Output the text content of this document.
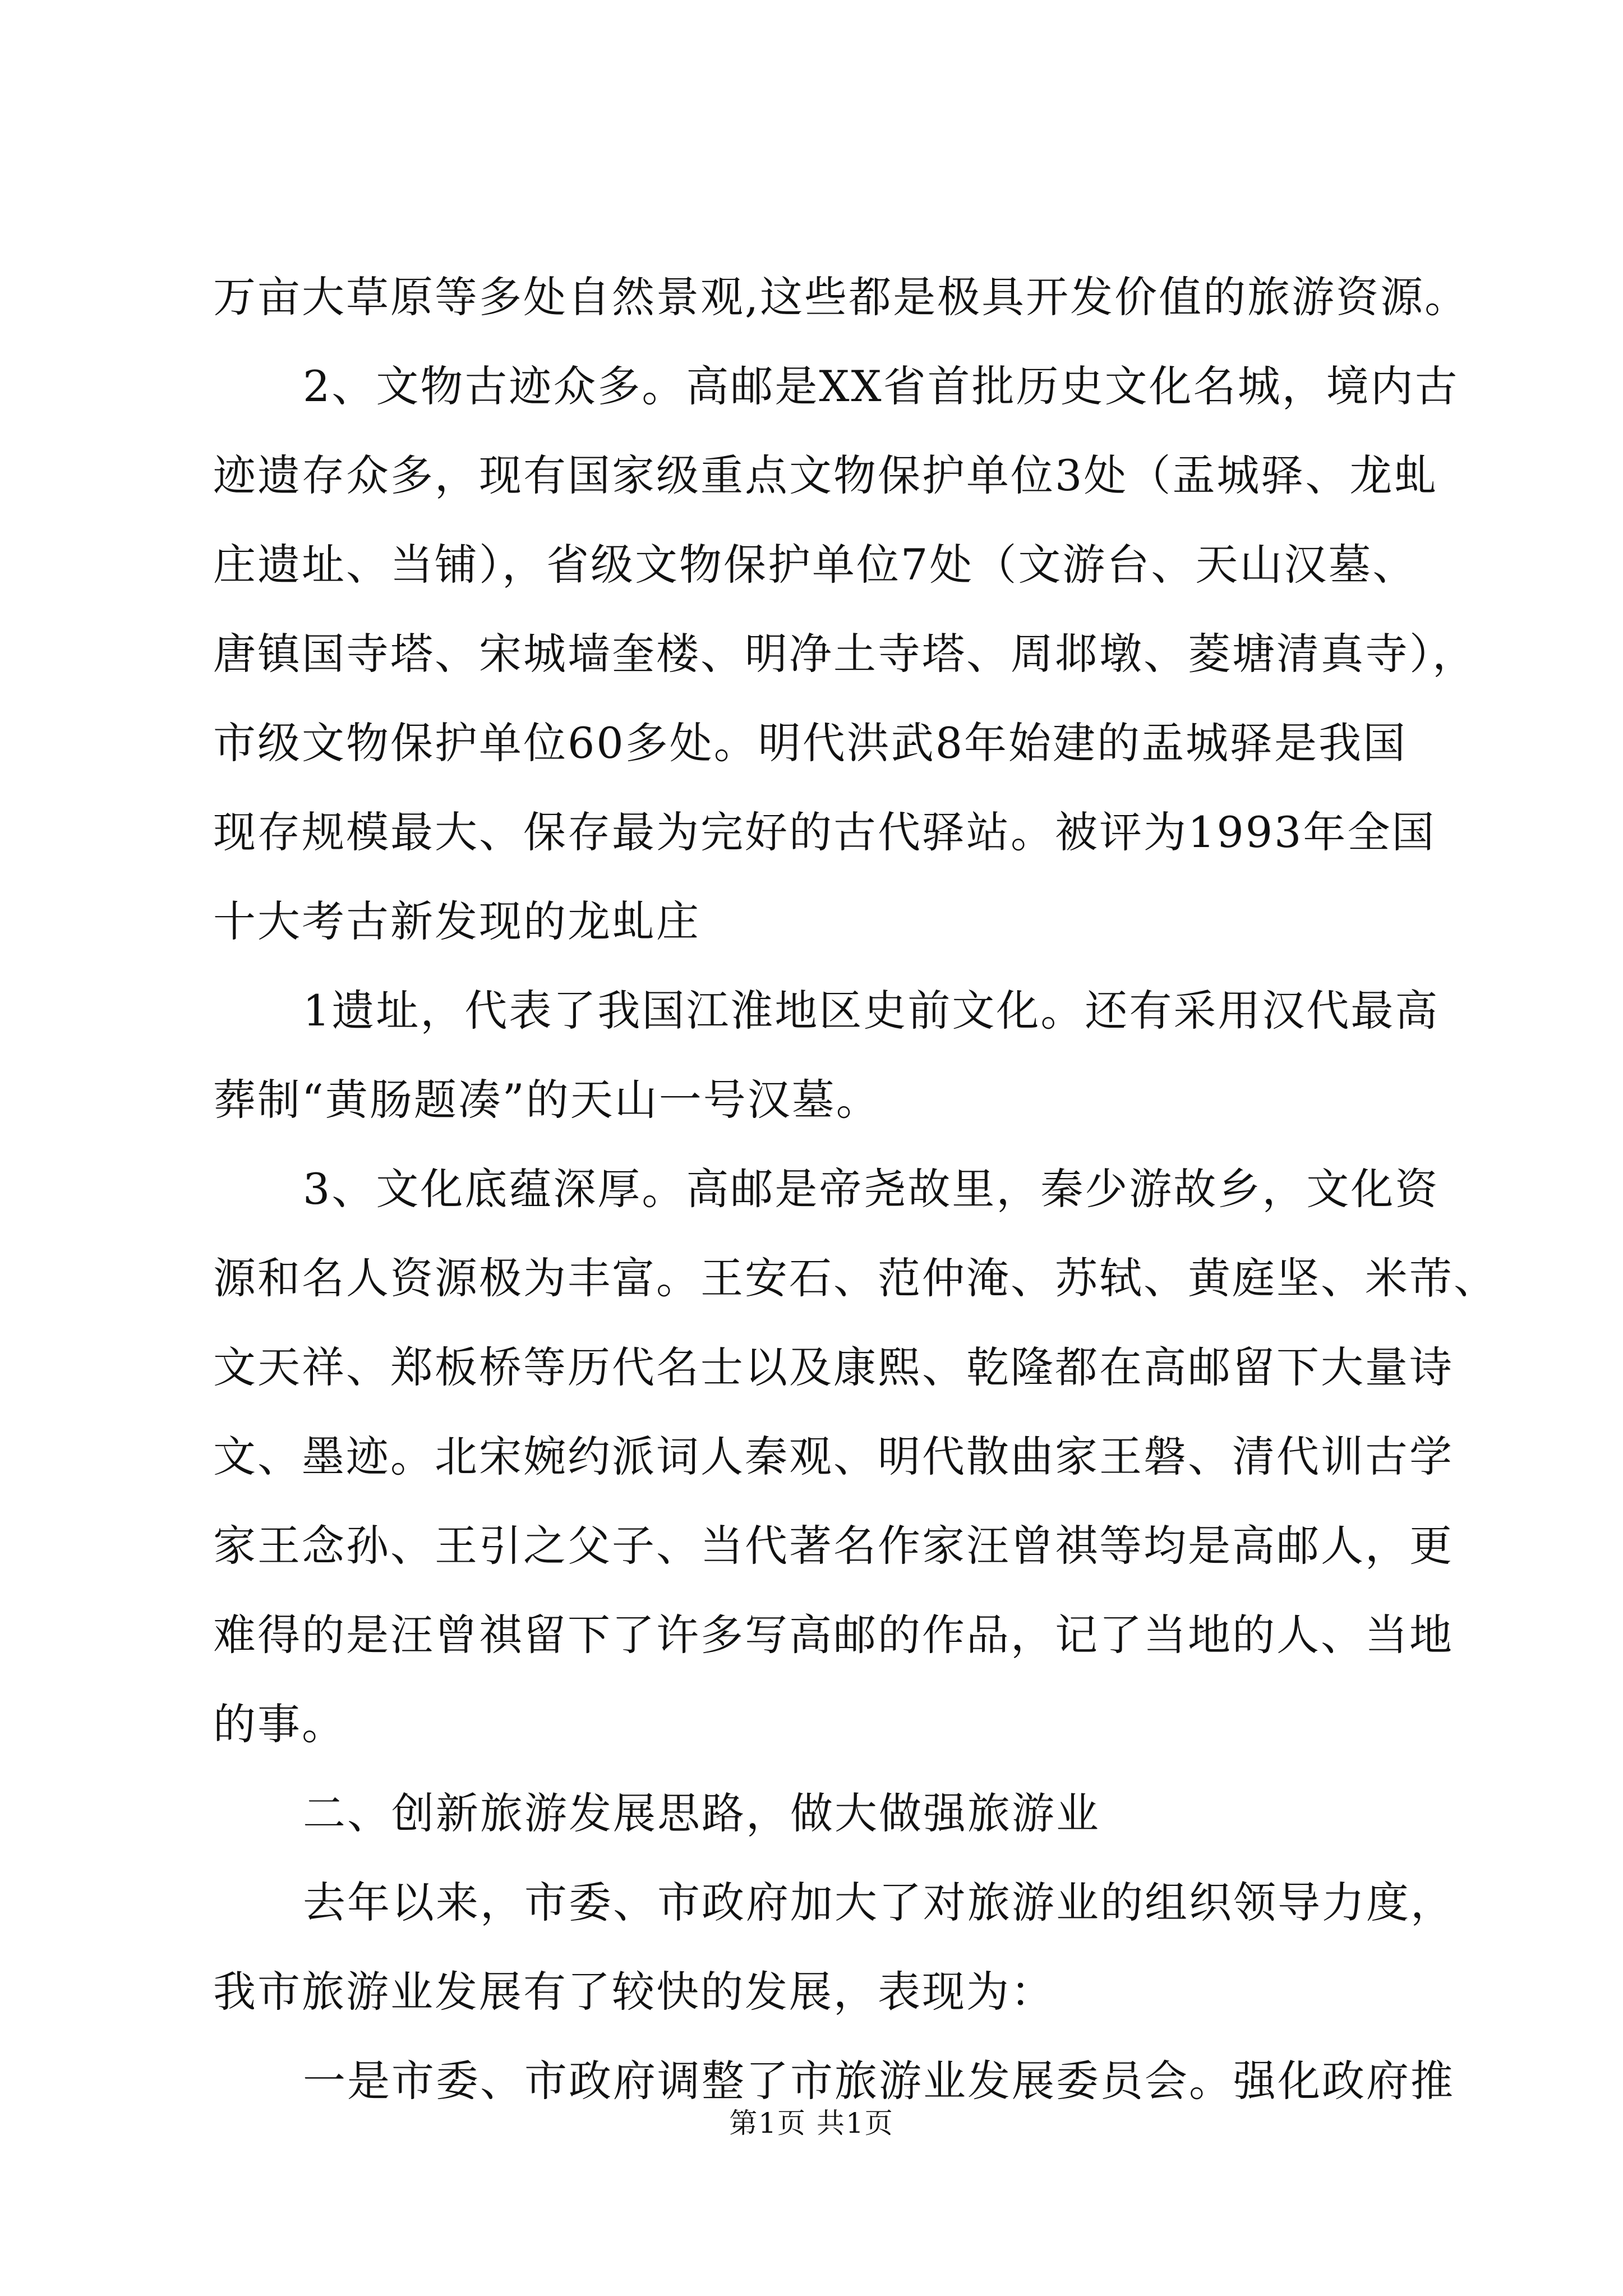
万亩大草原等多处自然景观,这些都是极具开发价值的旅游资源。
2、文物古迹众多。高邮是XX省首批历史文化名城，境内古
迹遗存众多，现有国家级重点文物保护单位3处（盂城驿、龙虬
庄遗址、当铺），省级文物保护单位7处（文游台、天山汉墓、
唐镇国寺塔、宋城墙奎楼、明净土寺塔、周邶墩、菱塘清真寺），
市级文物保护单位60多处。明代洪武8年始建的盂城驿是我国
现存规模最大、保存最为完好的古代驿站。被评为1993年全国
十大考古新发现的龙虬庄
1遗址，代表了我国江淮地区史前文化。还有采用汉代最高
葬制“黄肠题凑”的天山一号汉墓。
3、文化底蕴深厚。高邮是帝尧故里，秦少游故乡，文化资
源和名人资源极为丰富。王安石、范仲淹、苏轼、黄庭坚、米芾、
文天祥、郑板桥等历代名士以及康熙、乾隆都在高邮留下大量诗
文、墨迹。北宋婉约派词人秦观、明代散曲家王磐、清代训古学
家王念孙、王引之父子、当代著名作家汪曾祺等均是高邮人，更
难得的是汪曾祺留下了许多写高邮的作品，记了当地的人、当地
的事。
二、创新旅游发展思路，做大做强旅游业
去年以来，市委、市政府加大了对旅游业的组织领导力度，
我市旅游业发展有了较快的发展，表现为：
一是市委、市政府调整了市旅游业发展委员会。强化政府推
第1页 共1页
